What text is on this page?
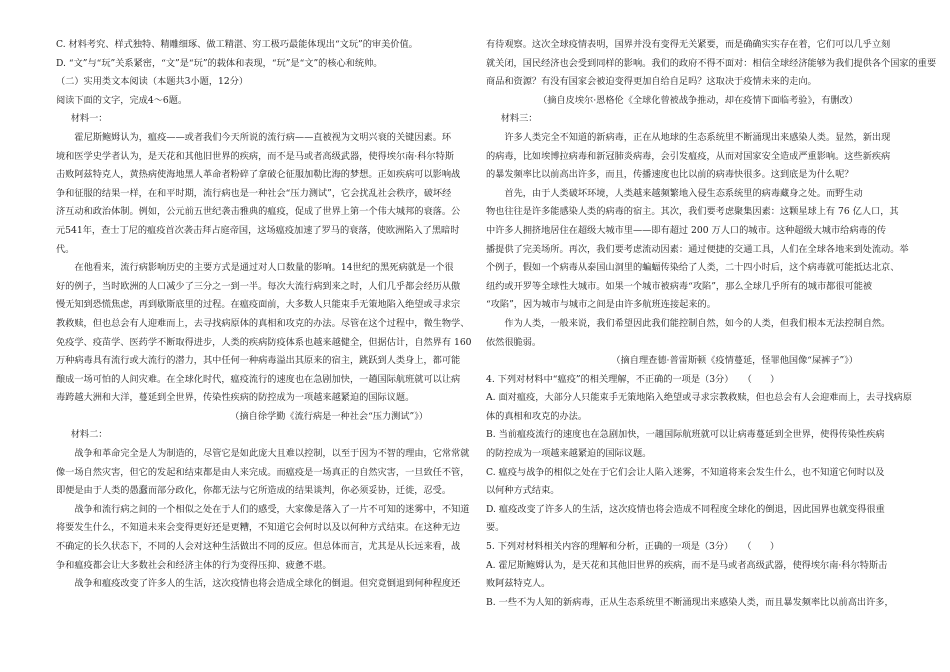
C. 材料考究、样式独特、精雕细琢、做工精湛、穷工极巧最能体现出“文玩”的审美价值。
D. “文”与“玩”关系紧密，“文”是“玩”的载体和表现，“玩”是“文”的核心和统帅。
（二）实用类文本阅读（本题共3小题，12分）
阅读下面的文字，完成4～6题。
材料一：
霍尼斯鲍姆认为，瘟疫——或者我们今天所说的流行病——直被视为文明兴衰的关键因素。环
境和医学史学者认为，是天花和其他旧世界的疾病，而不是马或者高级武器，使得埃尔南·科尔特斯
击败阿兹特克人，黄热病使海地黑人革命者粉碎了拿破仑征服加勒比海的梦想。正如疾病可以影响战
争和征服的结果一样，在和平时期，流行病也是一种社会“压力测试”，它会扰乱社会秩序，破坏经
济互动和政治体制。例如，公元前五世纪袭击雅典的瘟疫，促成了世界上第一个伟大城邦的衰落。公
元541年，查士丁尼的瘟疫首次袭击拜占庭帝国，这场瘟疫加速了罗马的衰落，使欧洲陷入了黑暗时
代。
在他看来，流行病影响历史的主要方式是通过对人口数量的影响。14世纪的黑死病就是一个很
好的例子，当时欧洲的人口减少了三分之一到一半。每次大流行病到来之时，人们几乎都会经历从傲
慢无知到恐慌焦虑，再到歇斯底里的过程。在瘟疫面前，大多数人只能束手无策地陷入绝望或寻求宗
教救赎，但也总会有人迎难而上，去寻找病原体的真相和攻克的办法。尽管在这个过程中，微生物学、
免疫学、疫苗学、医药学不断取得进步，人类的疾病防疫体系也越来越健全，但据估计，自然界有 160
万种病毒具有流行或大流行的潜力，其中任何一种病毒溢出其原来的宿主，跳跃到人类身上，都可能
酿成一场可怕的人间灾难。在全球化时代，瘟疫流行的速度也在急剧加快，一趟国际航班就可以让病
毒跨越大洲和大洋，蔓延到全世界，传染性疾病的防控成为一项越来越紧迫的国际议题。
（摘自徐学勤《流行病是一种社会“压力测试”》）
材料二：
战争和革命完全是人为制造的，尽管它是如此庞大且难以控制，以至于因为不智的理由，它常常就
像一场自然灾害，但它的发起和结束都是由人来完成。而瘟疫是一场真正的自然灾害，一旦致任不管，
即便是由于人类的愚蠢而部分政化，你都无法与它所造成的结果谈判，你必须妥协，迁徙，忍受。
战争和流行病之间的一个相似之处在于人们的感受，大家像是落入了一片不可知的迷雾中，不知道
将要发生什么，不知道未来会变得更好还是更糟，不知道它会何时以及以何种方式结束。在这种无边
不确定的长久状态下，不同的人会对这种生活做出不同的反应。但总体而言，尤其是从长远来看，战
争和瘟疫都会让大多数社会和经济主体的行为变得压抑、疲惫不堪。
战争和瘟疫改变了许多人的生活，这次疫情也将会造成全球化的倒退。但究竟倒退到何种程度还
有待观察。这次全球疫情表明，国界并没有变得无关紧要，而是确确实实存在着，它们可以几乎立刻
就关闭，国民经济也会受到同样的影响。我们的政府不得不面对：相信全球经济能够为我们提供各个国家的重要
商品和资源？有没有国家会被迫变得更加自给自足吗？这取决于疫情未来的走向。
（摘自皮埃尔·恩格伦《全球化曾被战争推动，却在疫情下面临考验》，有删改）
材料三：
许多人类完全不知道的新病毒，正在从地球的生态系统里不断涌现出来感染人类。显然，新出现
的病毒，比如埃博拉病毒和新冠肺炎病毒，会引发瘟疫，从而对国家安全造成严重影响。这些新疾病
的暴发频率比以前高出许多，而且，传播速度也比以前的病毒快很多。这到底是为什么呢？
首先，由于人类破坏环境，人类越来越频繁地入侵生态系统里的病毒藏身之处。而野生动
物也往往是许多能感染人类的病毒的宿主。其次，我们要考虑聚集因素：这颗星球上有 76 亿人口，其
中许多人拥挤地居住在超级大城市里——即有超过 200 万人口的城市。这种超级大城市给病毒的传
播提供了完美场所。再次，我们要考虑流动因素：通过便捷的交通工具，人们在全球各地来到处流动。举
个例子，假如一个病毒从泰国山洞里的蝙蝠传染给了人类，二十四小时后，这个病毒就可能抵达北京、
纽约或开罗等全球性大城市。如果一个城市被病毒“攻陷”，那么全球几乎所有的城市都很可能被
“攻陷”，因为城市与城市之间是由许多航班连接起来的。
作为人类，一般来说，我们希望因此我们能控制自然，如今的人类，但我们根本无法控制自然。
依然很脆弱。
（摘自理查德·普雷斯顿《疫情蔓延，怪罪他国像“屎裤子”》）
4. 下列对材料中“瘟疫”的相关理解，不正确的一项是（3分）　　（　　）
A. 面对瘟疫，大部分人只能束手无策地陷入绝望或寻求宗教救赎，但也总会有人会迎难而上，去寻找病原
体的真相和攻克的办法。
B. 当前瘟疫流行的速度也在急剧加快，一趟国际航班就可以让病毒蔓延到全世界，使得传染性疾病
的防控成为一项越来越紧迫的国际议题。
C. 瘟疫与战争的相似之处在于它们会让人陷入迷雾，不知道将来会发生什么，也不知道它何时以及
以何种方式结束。
D. 瘟疫改变了许多人的生活，这次疫情也将会造成不同程度全球化的倒退，因此国界也就变得很重
要。
5. 下列对材料相关内容的理解和分析，正确的一项是（3分）　　（　　）
A. 霍尼斯鲍姆认为，是天花和其他旧世界的疾病，而不是马或者高级武器，使得埃尔南·科尔特斯击
败阿兹特克人。
B. 一些不为人知的新病毒，正从生态系统里不断涌现出来感染人类，而且暴发频率比以前高出许多，
